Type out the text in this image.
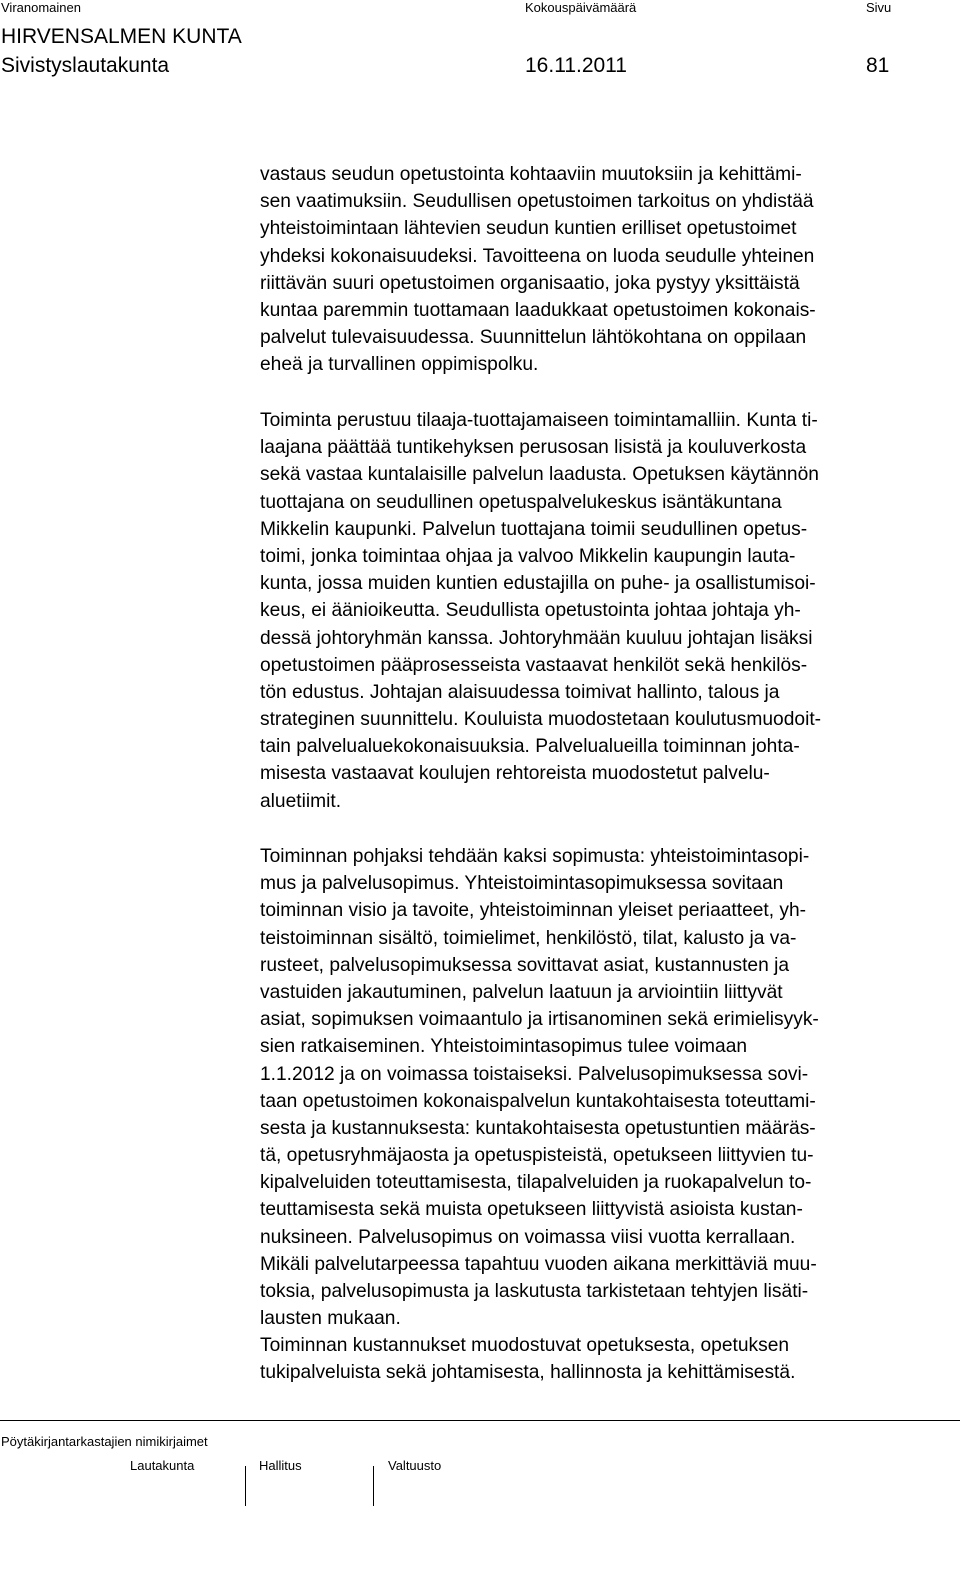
Viranomainen	Kokouspäivämäärä	Sivu
HIRVENSALMEN KUNTA
Sivistyslautakunta	16.11.2011	81
vastaus seudun opetustointa kohtaaviin muutoksiin ja kehittämi-
sen vaatimuksiin. Seudullisen opetustoimen tarkoitus on yhdistää
yhteistoimintaan lähtevien seudun kuntien erilliset opetustoimet
yhdeksi kokonaisuudeksi. Tavoitteena on luoda seudulle yhteinen
riittävän suuri opetustoimen organisaatio, joka pystyy yksittäistä
kuntaa paremmin tuottamaan laadukkaat opetustoimen kokonais-
palvelut tulevaisuudessa. Suunnittelun lähtökohtana on oppilaan
eheä ja turvallinen oppimispolku.
Toiminta perustuu tilaaja-tuottajamaiseen toimintamalliin. Kunta ti-
laajana päättää tuntikehyksen perusosan lisistä ja kouluverkosta
sekä vastaa kuntalaisille palvelun laadusta. Opetuksen käytännön
tuottajana on seudullinen opetuspalvelukeskus isäntäkuntana
Mikkelin kaupunki. Palvelun tuottajana toimii seudullinen opetus-
toimi, jonka toimintaa ohjaa ja valvoo Mikkelin kaupungin lauta-
kunta, jossa muiden kuntien edustajilla on puhe- ja osallistumisoi-
keus, ei äänioikeutta. Seudullista opetustointa johtaa johtaja yh-
dessä johtoryhmän kanssa. Johtoryhmään kuuluu johtajan lisäksi
opetustoimen pääprosesseista vastaavat henkilöt sekä henkilös-
tön edustus. Johtajan alaisuudessa toimivat hallinto, talous ja
strateginen suunnittelu. Kouluista muodostetaan koulutusmuodoit-
tain palvelualuekokonaisuuksia. Palvelualueilla toiminnan johta-
misesta vastaavat koulujen rehtoreista muodostetut palvelu-
aluetiimit.
Toiminnan pohjaksi tehdään kaksi sopimusta: yhteistoimintasopi-
mus ja palvelusopimus. Yhteistoimintasopimuksessa sovitaan
toiminnan visio ja tavoite, yhteistoiminnan yleiset periaatteet, yh-
teistoiminnan sisältö, toimielimet, henkilöstö, tilat, kalusto ja va-
rusteet, palvelusopimuksessa sovittavat asiat, kustannusten ja
vastuiden jakautuminen, palvelun laatuun ja arviointiin liittyvät
asiat, sopimuksen voimaantulo ja irtisanominen sekä erimielisyyk-
sien ratkaiseminen. Yhteistoimintasopimus tulee voimaan
1.1.2012 ja on voimassa toistaiseksi. Palvelusopimuksessa sovi-
taan opetustoimen kokonaispalvelun kuntakohtaisesta toteuttami-
sesta ja kustannuksesta: kuntakohtaisesta opetustuntien määräs-
tä, opetusryhmäjaosta ja opetuspisteistä, opetukseen liittyvien tu-
kipalveluiden toteuttamisesta, tilapalveluiden ja ruokapalvelun to-
teuttamisesta sekä muista opetukseen liittyvistä asioista kustan-
nuksineen. Palvelusopimus on voimassa viisi vuotta kerrallaan.
Mikäli palvelutarpeessa tapahtuu vuoden aikana merkittäviä muu-
toksia, palvelusopimusta ja laskutusta tarkistetaan tehtyjen lisäti-
lausten mukaan.
Toiminnan kustannukset muodostuvat opetuksesta, opetuksen
tukipalveluista sekä johtamisesta, hallinnosta ja kehittämisestä.
Pöytäkirjantarkastajien nimikirjaimet
Lautakunta	Hallitus	Valtuusto
